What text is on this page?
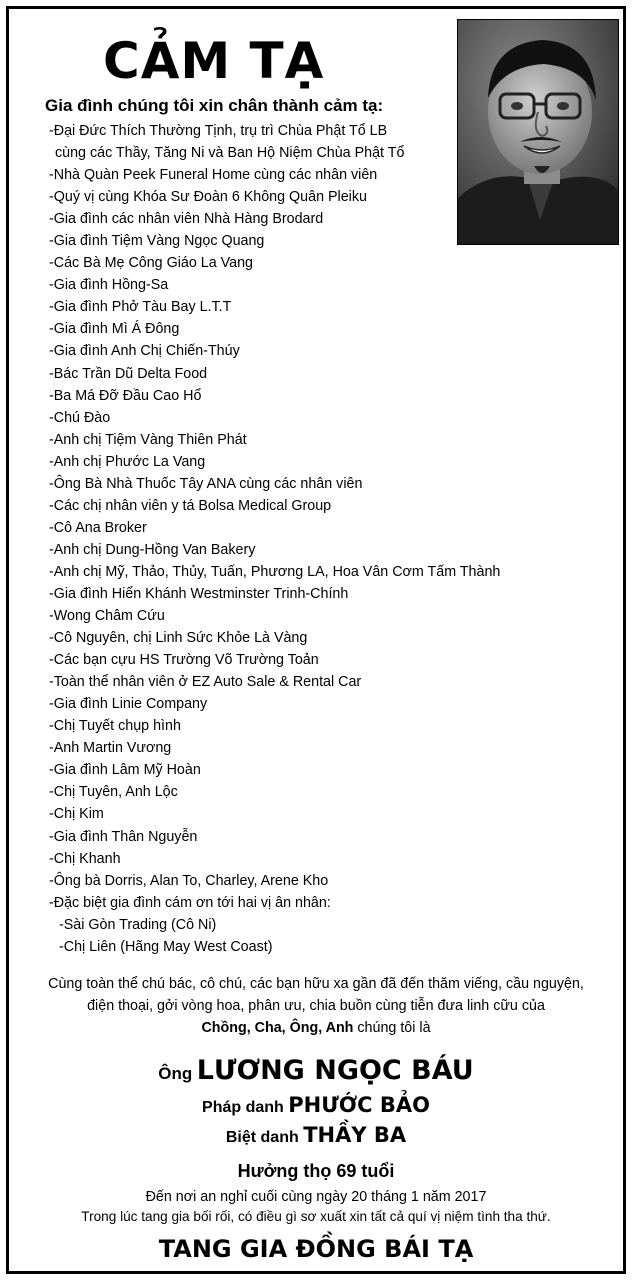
CẢM TẠ
Gia đình chúng tôi xin chân thành cảm tạ:
-Đại Đức Thích Thường Tịnh, trụ trì Chùa Phật Tổ LB
cùng các Thầy, Tăng Ni và Ban Hộ Niệm Chùa Phật Tổ
-Nhà Quàn Peek Funeral Home cùng các nhân viên
-Quý vị cùng Khóa Sư Đoàn 6 Không Quân Pleiku
-Gia đình các nhân viên Nhà Hàng Brodard
-Gia đình Tiệm Vàng Ngọc Quang
-Các Bà Mẹ Công Giáo La Vang
-Gia đình Hồng-Sa
-Gia đình Phở Tàu Bay L.T.T
-Gia đình Mì Á Đông
-Gia đình Anh Chị Chiến-Thúy
-Bác Trần Dũ Delta Food
-Ba Má Đỡ Đầu Cao Hổ
-Chú Đào
-Anh chị Tiệm Vàng Thiên Phát
-Anh chị Phước La Vang
-Ông Bà Nhà Thuốc Tây ANA cùng các nhân viên
-Các chị nhân viên y tá Bolsa Medical Group
-Cô Ana Broker
-Anh chị Dung-Hồng Van Bakery
-Anh chị Mỹ, Thảo, Thủy, Tuấn, Phương LA, Hoa Vân Cơm Tấm Thành
-Gia đình Hiển Khánh Westminster Trinh-Chính
-Wong Châm Cứu
-Cô Nguyên, chị Linh Sức Khỏe Là Vàng
-Các bạn cựu HS Trường Võ Trường Toản
-Toàn thể nhân viên ở EZ Auto Sale & Rental Car
-Gia đình Linie Company
-Chị Tuyết chụp hình
-Anh Martin Vương
-Gia đình Lâm Mỹ Hoàn
-Chị Tuyên, Anh Lộc
-Chị Kim
-Gia đình Thân Nguyễn
-Chị Khanh
-Ông bà Dorris, Alan To, Charley, Arene Kho
-Đặc biệt gia đình cám ơn tới hai vị ân nhân:
-Sài Gòn Trading (Cô Ni)
-Chị Liên (Hãng May West Coast)
Cùng toàn thể chú bác, cô chú, các bạn hữu xa gần đã đến thăm viếng, cầu nguyện,
điện thoại, gởi vòng hoa, phân ưu, chia buồn cùng tiễn đưa linh cữu của
Chồng, Cha, Ông, Anh chúng tôi là
Ông LƯƠNG NGỌC BÁU
Pháp danh PHƯỚC BẢO
Biệt danh THẦY BA
Hưởng thọ 69 tuổi
Đến nơi an nghỉ cuối cùng ngày 20 tháng 1 năm 2017
Trong lúc tang gia bối rối, có điều gì sơ xuất xin tất cả quí vị niệm tình tha thứ.
TANG GIA ĐỒNG BÁI TẠ
